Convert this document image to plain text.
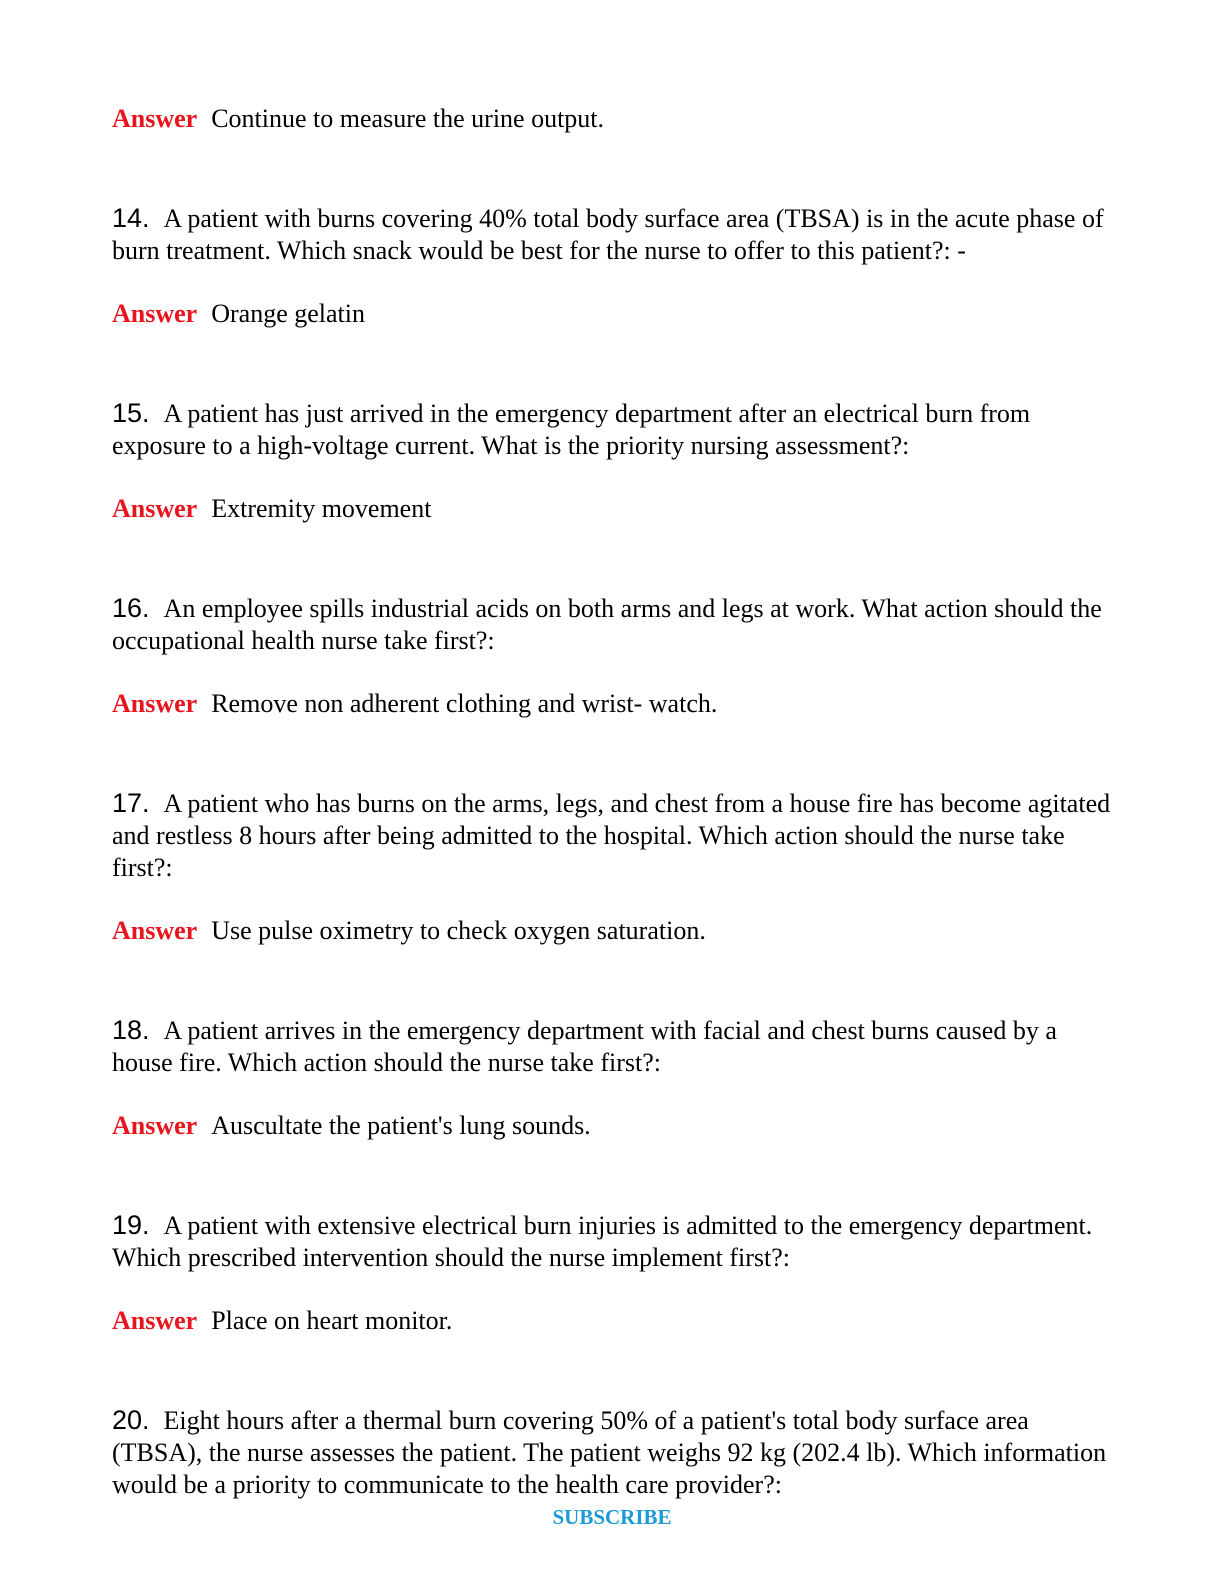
Answer Continue to measure the urine output.
14. A patient with burns covering 40% total body surface area (TBSA) is in the acute phase of burn treatment. Which snack would be best for the nurse to offer to this patient?: -
Answer Orange gelatin
15. A patient has just arrived in the emergency department after an electrical burn from exposure to a high-voltage current. What is the priority nursing assessment?:
Answer Extremity movement
16. An employee spills industrial acids on both arms and legs at work. What action should the occupational health nurse take first?:
Answer Remove non adherent clothing and wrist- watch.
17. A patient who has burns on the arms, legs, and chest from a house fire has become agitated and restless 8 hours after being admitted to the hospital. Which action should the nurse take first?:
Answer Use pulse oximetry to check oxygen saturation.
18. A patient arrives in the emergency department with facial and chest burns caused by a house fire. Which action should the nurse take first?:
Answer Auscultate the patient's lung sounds.
19. A patient with extensive electrical burn injuries is admitted to the emergency department. Which prescribed intervention should the nurse implement first?:
Answer Place on heart monitor.
20. Eight hours after a thermal burn covering 50% of a patient's total body surface area (TBSA), the nurse assesses the patient. The patient weighs 92 kg (202.4 lb). Which information would be a priority to communicate to the health care provider?:
SUBSCRIBE
